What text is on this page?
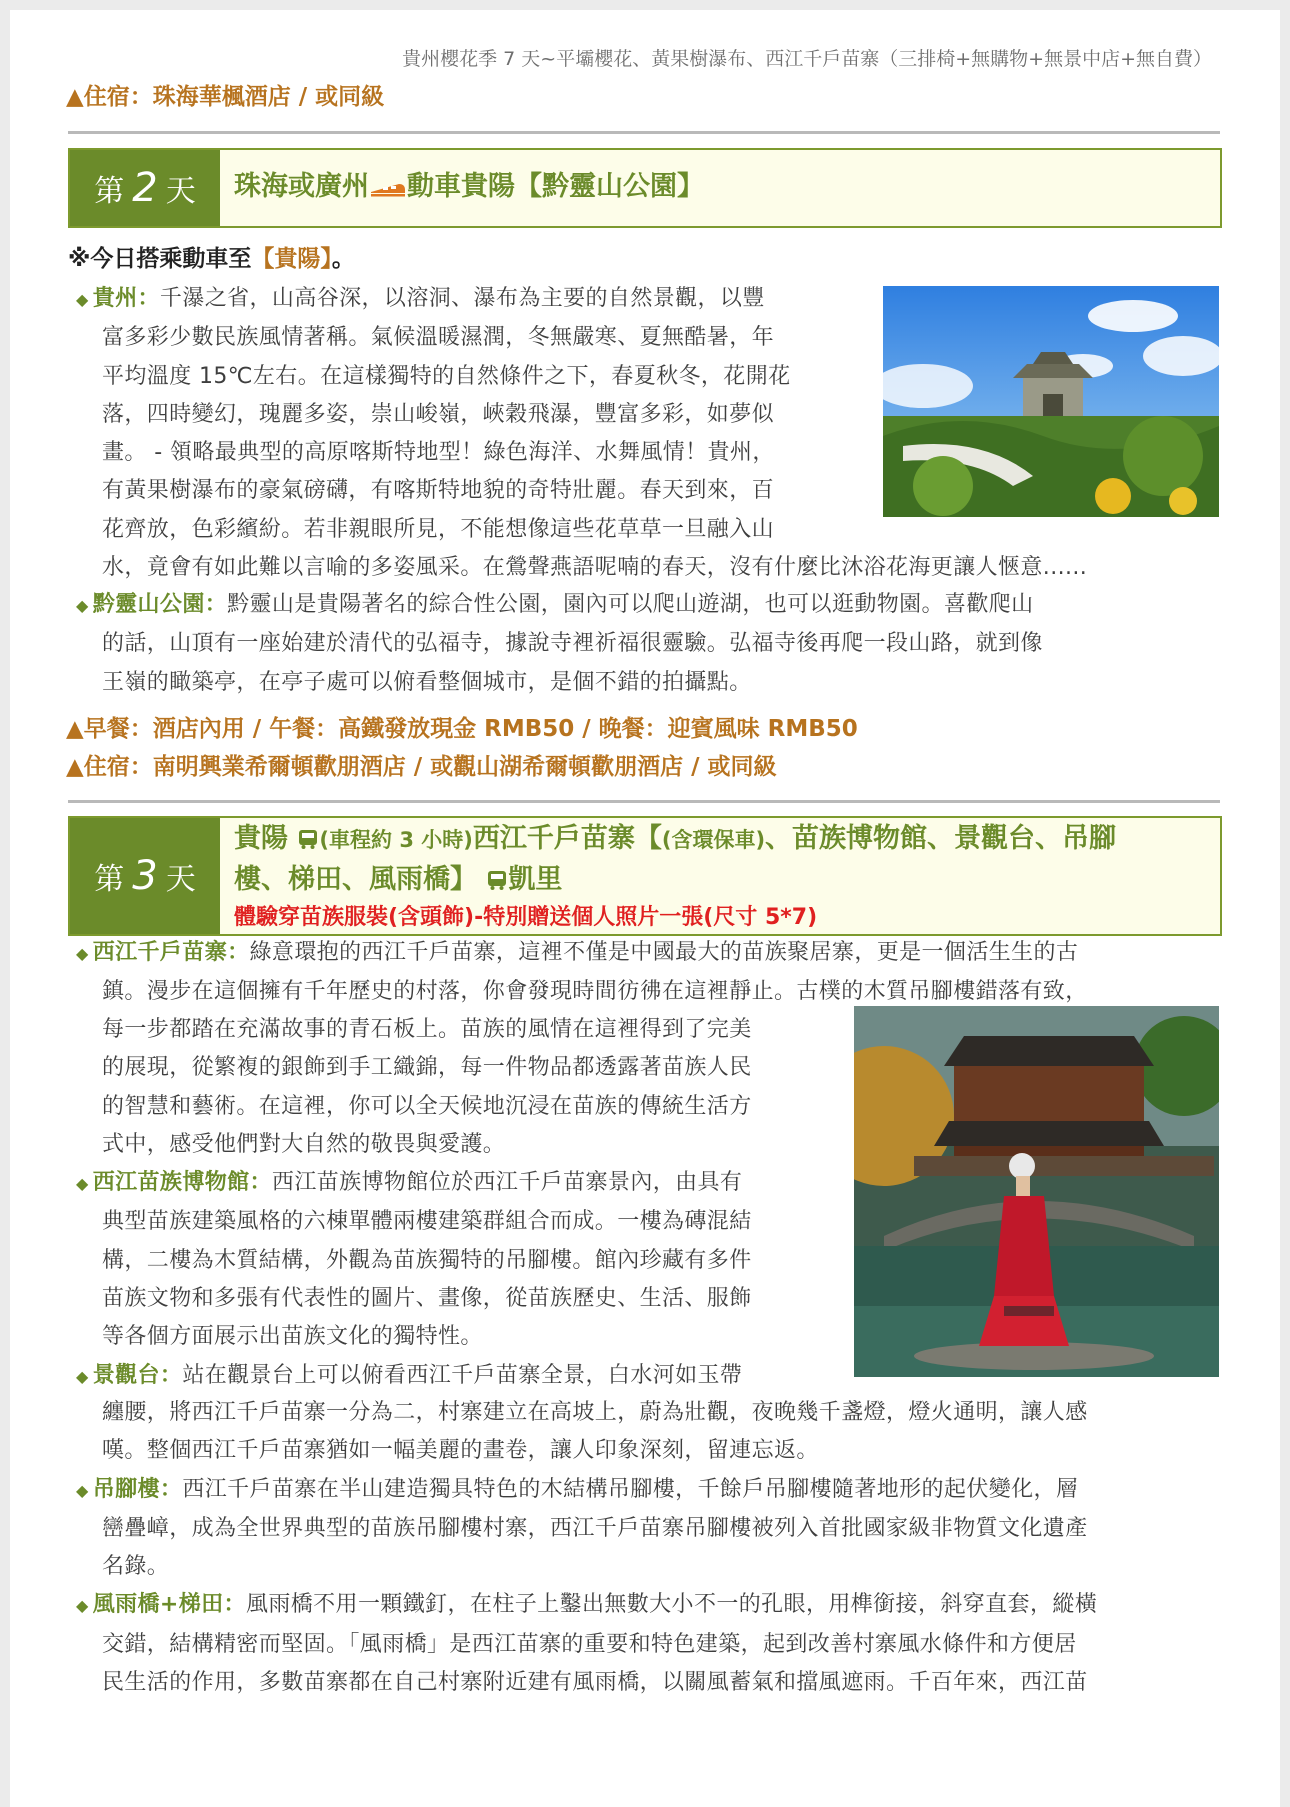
貴州櫻花季 7 天~平壩櫻花、黃果樹瀑布、西江千戶苗寨（三排椅+無購物+無景中店+無自費）
▲住宿：珠海華楓酒店 / 或同級
第 2 天 珠海或廣州 動車貴陽【黔靈山公園】
※今日搭乘動車至【貴陽】。
◆ 貴州：千瀑之省，山高谷深，以溶洞、瀑布為主要的自然景觀，以豐
富多彩少數民族風情著稱。氣候溫暖濕潤，冬無嚴寒、夏無酷暑，年
平均溫度 15℃左右。在這樣獨特的自然條件之下，春夏秋冬，花開花
落，四時變幻，瑰麗多姿，崇山峻嶺，峽穀飛瀑，豐富多彩，如夢似
畫。 - 領略最典型的高原喀斯特地型！綠色海洋、水舞風情！貴州，
有黃果樹瀑布的豪氣磅礴，有喀斯特地貌的奇特壯麗。春天到來，百
花齊放，色彩繽紛。若非親眼所見，不能想像這些花草草一旦融入山
水，竟會有如此難以言喻的多姿風采。在鶯聲燕語呢喃的春天，沒有什麼比沐浴花海更讓人愜意......
◆ 黔靈山公園：黔靈山是貴陽著名的綜合性公園，園內可以爬山遊湖，也可以逛動物園。喜歡爬山
的話，山頂有一座始建於清代的弘福寺，據說寺裡祈福很靈驗。弘福寺後再爬一段山路，就到像
王嶺的瞰築亭，在亭子處可以俯看整個城市，是個不錯的拍攝點。
▲早餐：酒店內用 / 午餐：高鐵發放現金 RMB50 / 晚餐：迎賓風味 RMB50
▲住宿：南明興業希爾頓歡朋酒店 / 或觀山湖希爾頓歡朋酒店 / 或同級
第 3 天
貴陽 (車程約 3 小時)西江千戶苗寨【(含環保車)、苗族博物館、景觀台、吊腳
樓、梯田、風雨橋】 凱里
體驗穿苗族服裝(含頭飾)-特別贈送個人照片一張(尺寸 5*7)
◆ 西江千戶苗寨：綠意環抱的西江千戶苗寨，這裡不僅是中國最大的苗族聚居寨，更是一個活生生的古
鎮。漫步在這個擁有千年歷史的村落，你會發現時間彷彿在這裡靜止。古樸的木質吊腳樓錯落有致，
每一步都踏在充滿故事的青石板上。苗族的風情在這裡得到了完美
的展現，從繁複的銀飾到手工織錦，每一件物品都透露著苗族人民
的智慧和藝術。在這裡，你可以全天候地沉浸在苗族的傳統生活方
式中，感受他們對大自然的敬畏與愛護。
◆ 西江苗族博物館：西江苗族博物館位於西江千戶苗寨景內，由具有
典型苗族建築風格的六棟單體兩樓建築群組合而成。一樓為磚混結
構，二樓為木質結構，外觀為苗族獨特的吊腳樓。館內珍藏有多件
苗族文物和多張有代表性的圖片、畫像，從苗族歷史、生活、服飾
等各個方面展示出苗族文化的獨特性。
◆ 景觀台：站在觀景台上可以俯看西江千戶苗寨全景，白水河如玉帶
纏腰，將西江千戶苗寨一分為二，村寨建立在高坡上，蔚為壯觀，夜晚幾千盞燈，燈火通明，讓人感
嘆。整個西江千戶苗寨猶如一幅美麗的畫卷，讓人印象深刻，留連忘返。
◆ 吊腳樓：西江千戶苗寨在半山建造獨具特色的木結構吊腳樓，千餘戶吊腳樓隨著地形的起伏變化，層
巒疊嶂，成為全世界典型的苗族吊腳樓村寨，西江千戶苗寨吊腳樓被列入首批國家級非物質文化遺產
名錄。
◆ 風雨橋+梯田：風雨橋不用一顆鐵釘，在柱子上鑿出無數大小不一的孔眼，用榫銜接，斜穿直套，縱橫
交錯，結構精密而堅固。「風雨橋」是西江苗寨的重要和特色建築，起到改善村寨風水條件和方便居
民生活的作用，多數苗寨都在自己村寨附近建有風雨橋，以關風蓄氣和擋風遮雨。千百年來，西江苗
